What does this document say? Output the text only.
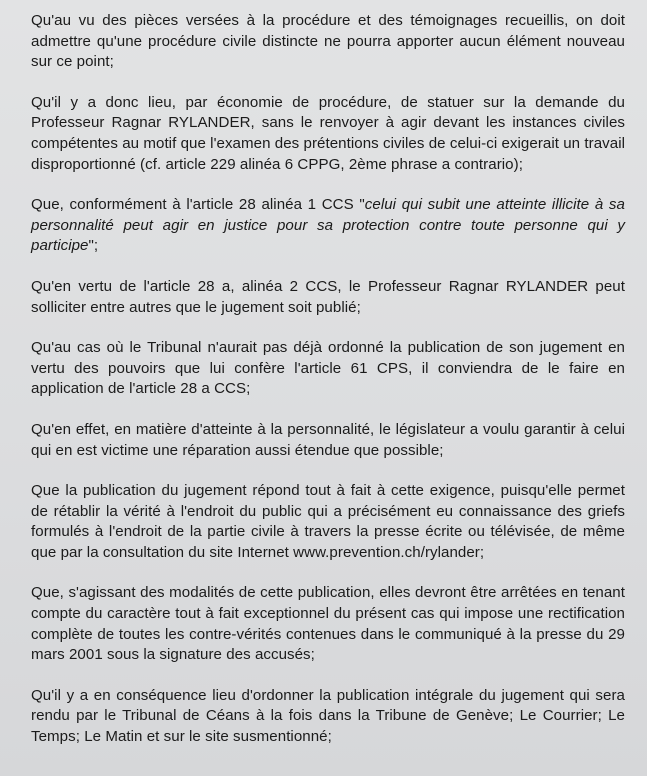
Qu'au vu des pièces versées à la procédure et des témoignages recueillis, on doit admettre qu'une procédure civile distincte ne pourra apporter aucun élément nouveau sur ce point;

Qu'il y a donc lieu, par économie de procédure, de statuer sur la demande du Professeur Ragnar RYLANDER, sans le renvoyer à agir devant les instances civiles compétentes au motif que l'examen des prétentions civiles de celui-ci exigerait un travail disproportionné (cf. article 229 alinéa 6 CPPG, 2ème phrase a contrario);

Que, conformément à l'article 28 alinéa 1 CCS "celui qui subit une atteinte illicite à sa personnalité peut agir en justice pour sa protection contre toute personne qui y participe";

Qu'en vertu de l'article 28 a, alinéa 2 CCS, le Professeur Ragnar RYLANDER peut solliciter entre autres que le jugement soit publié;

Qu'au cas où le Tribunal n'aurait pas déjà ordonné la publication de son jugement en vertu des pouvoirs que lui confère l'article 61 CPS, il conviendra de le faire en application de l'article 28 a CCS;

Qu'en effet, en matière d'atteinte à la personnalité, le législateur a voulu garantir à celui qui en est victime une réparation aussi étendue que possible;

Que la publication du jugement répond tout à fait à cette exigence, puisqu'elle permet de rétablir la vérité à l'endroit du public qui a précisément eu connaissance des griefs formulés à l'endroit de la partie civile à travers la presse écrite ou télévisée, de même que par la consultation du site Internet www.prevention.ch/rylander;

Que, s'agissant des modalités de cette publication, elles devront être arrêtées en tenant compte du caractère tout à fait exceptionnel du présent cas qui impose une rectification complète de toutes les contre-vérités contenues dans le communiqué à la presse du 29 mars 2001 sous la signature des accusés;

Qu'il y a en conséquence lieu d'ordonner la publication intégrale du jugement qui sera rendu par le Tribunal de Céans à la fois dans la Tribune de Genève; Le Courrier; Le Temps; Le Matin et sur le site susmentionné;
